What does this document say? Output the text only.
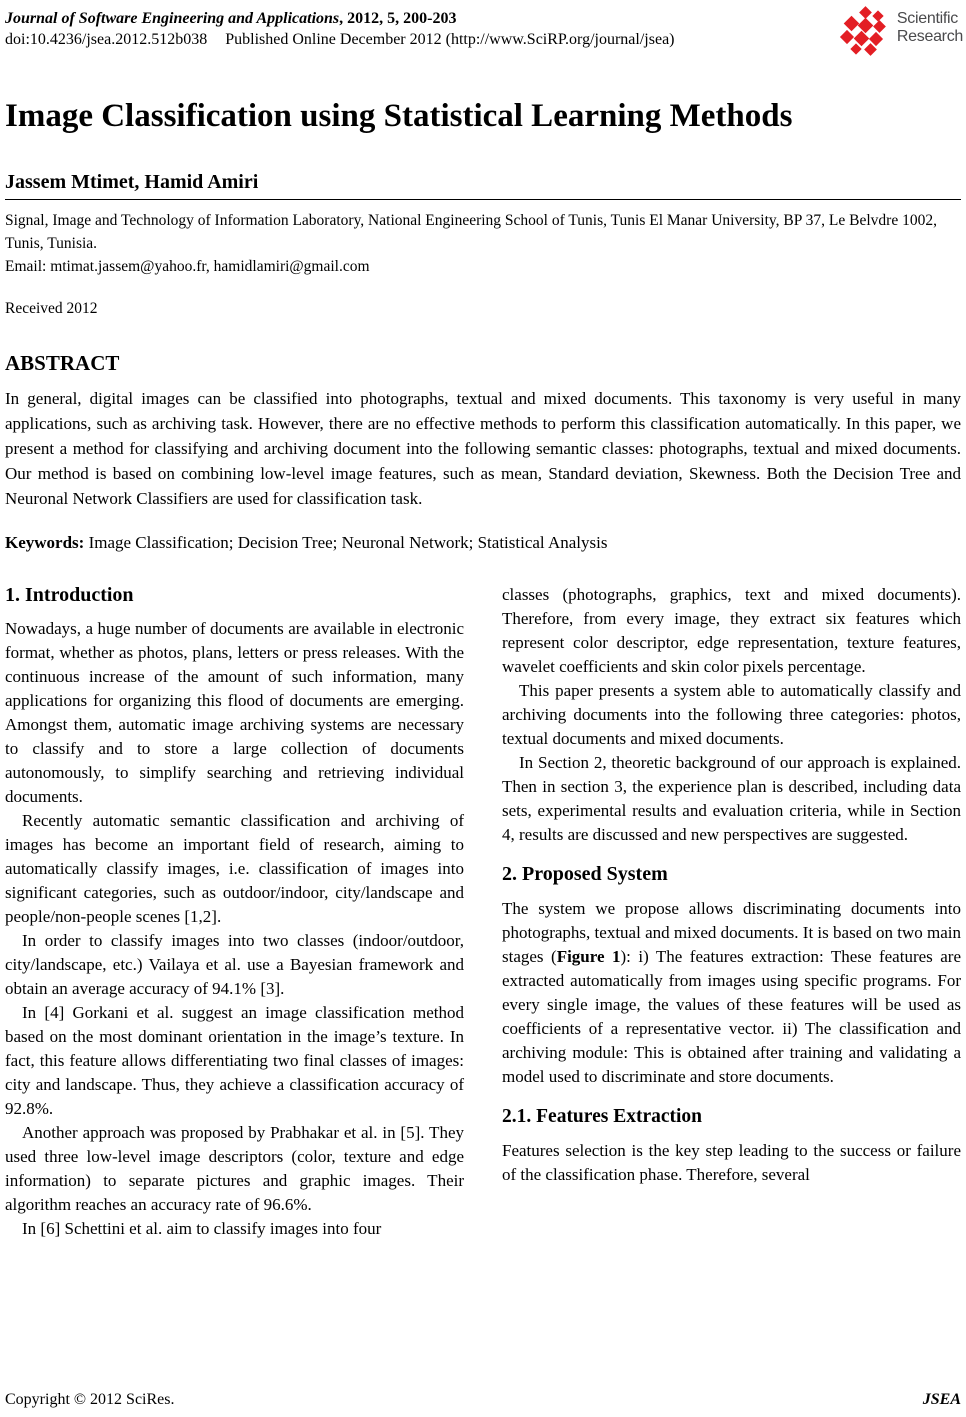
Journal of Software Engineering and Applications, 2012, 5, 200-203
doi:10.4236/jsea.2012.512b038 Published Online December 2012 (http://www.SciRP.org/journal/jsea)
Scientific
Research
Image Classification using Statistical Learning Methods
Jassem Mtimet, Hamid Amiri
Signal, Image and Technology of Information Laboratory, National Engineering School of Tunis, Tunis El Manar University, BP 37, Le Belvdre 1002, Tunis, Tunisia.
Email: mtimat.jassem@yahoo.fr, hamidlamiri@gmail.com
Received 2012
ABSTRACT

In general, digital images can be classified into photographs, textual and mixed documents. This taxonomy is very useful in many applications, such as archiving task. However, there are no effective methods to perform this classification automatically. In this paper, we present a method for classifying and archiving document into the following semantic classes: photographs, textual and mixed documents. Our method is based on combining low-level image features, such as mean, Standard deviation, Skewness. Both the Decision Tree and Neuronal Network Classifiers are used for classification task.

Keywords: Image Classification; Decision Tree; Neuronal Network; Statistical Analysis

1. Introduction

Nowadays, a huge number of documents are available in electronic format, whether as photos, plans, letters or press releases. With the continuous increase of the amount of such information, many applications for organizing this flood of documents are emerging. Amongst them, automatic image archiving systems are necessary to classify and to store a large collection of documents autonomously, to simplify searching and retrieving individual documents.

Recently automatic semantic classification and archiving of images has become an important field of research, aiming to automatically classify images, i.e. classification of images into significant categories, such as outdoor/indoor, city/landscape and people/non-people scenes [1,2].

In order to classify images into two classes (indoor/outdoor, city/landscape, etc.) Vailaya et al. use a Bayesian framework and obtain an average accuracy of 94.1% [3].

In [4] Gorkani et al. suggest an image classification method based on the most dominant orientation in the image’s texture. In fact, this feature allows differentiating two final classes of images: city and landscape. Thus, they achieve a classification accuracy of 92.8%.

Another approach was proposed by Prabhakar et al. in [5]. They used three low-level image descriptors (color, texture and edge information) to separate pictures and graphic images. Their algorithm reaches an accuracy rate of 96.6%.

In [6] Schettini et al. aim to classify images into four

classes (photographs, graphics, text and mixed documents). Therefore, from every image, they extract six features which represent color descriptor, edge representation, texture features, wavelet coefficients and skin color pixels percentage.

This paper presents a system able to automatically classify and archiving documents into the following three categories: photos, textual documents and mixed documents.

In Section 2, theoretic background of our approach is explained. Then in section 3, the experience plan is described, including data sets, experimental results and evaluation criteria, while in Section 4, results are discussed and new perspectives are suggested.

2. Proposed System

The system we propose allows discriminating documents into photographs, textual and mixed documents. It is based on two main stages (Figure 1): i) The features extraction: These features are extracted automatically from images using specific programs. For every single image, the values of these features will be used as coefficients of a representative vector. ii) The classification and archiving module: This is obtained after training and validating a model used to discriminate and store documents.

2.1. Features Extraction

Features selection is the key step leading to the success or failure of the classification phase. Therefore, several

Copyright © 2012 SciRes.	JSEA
